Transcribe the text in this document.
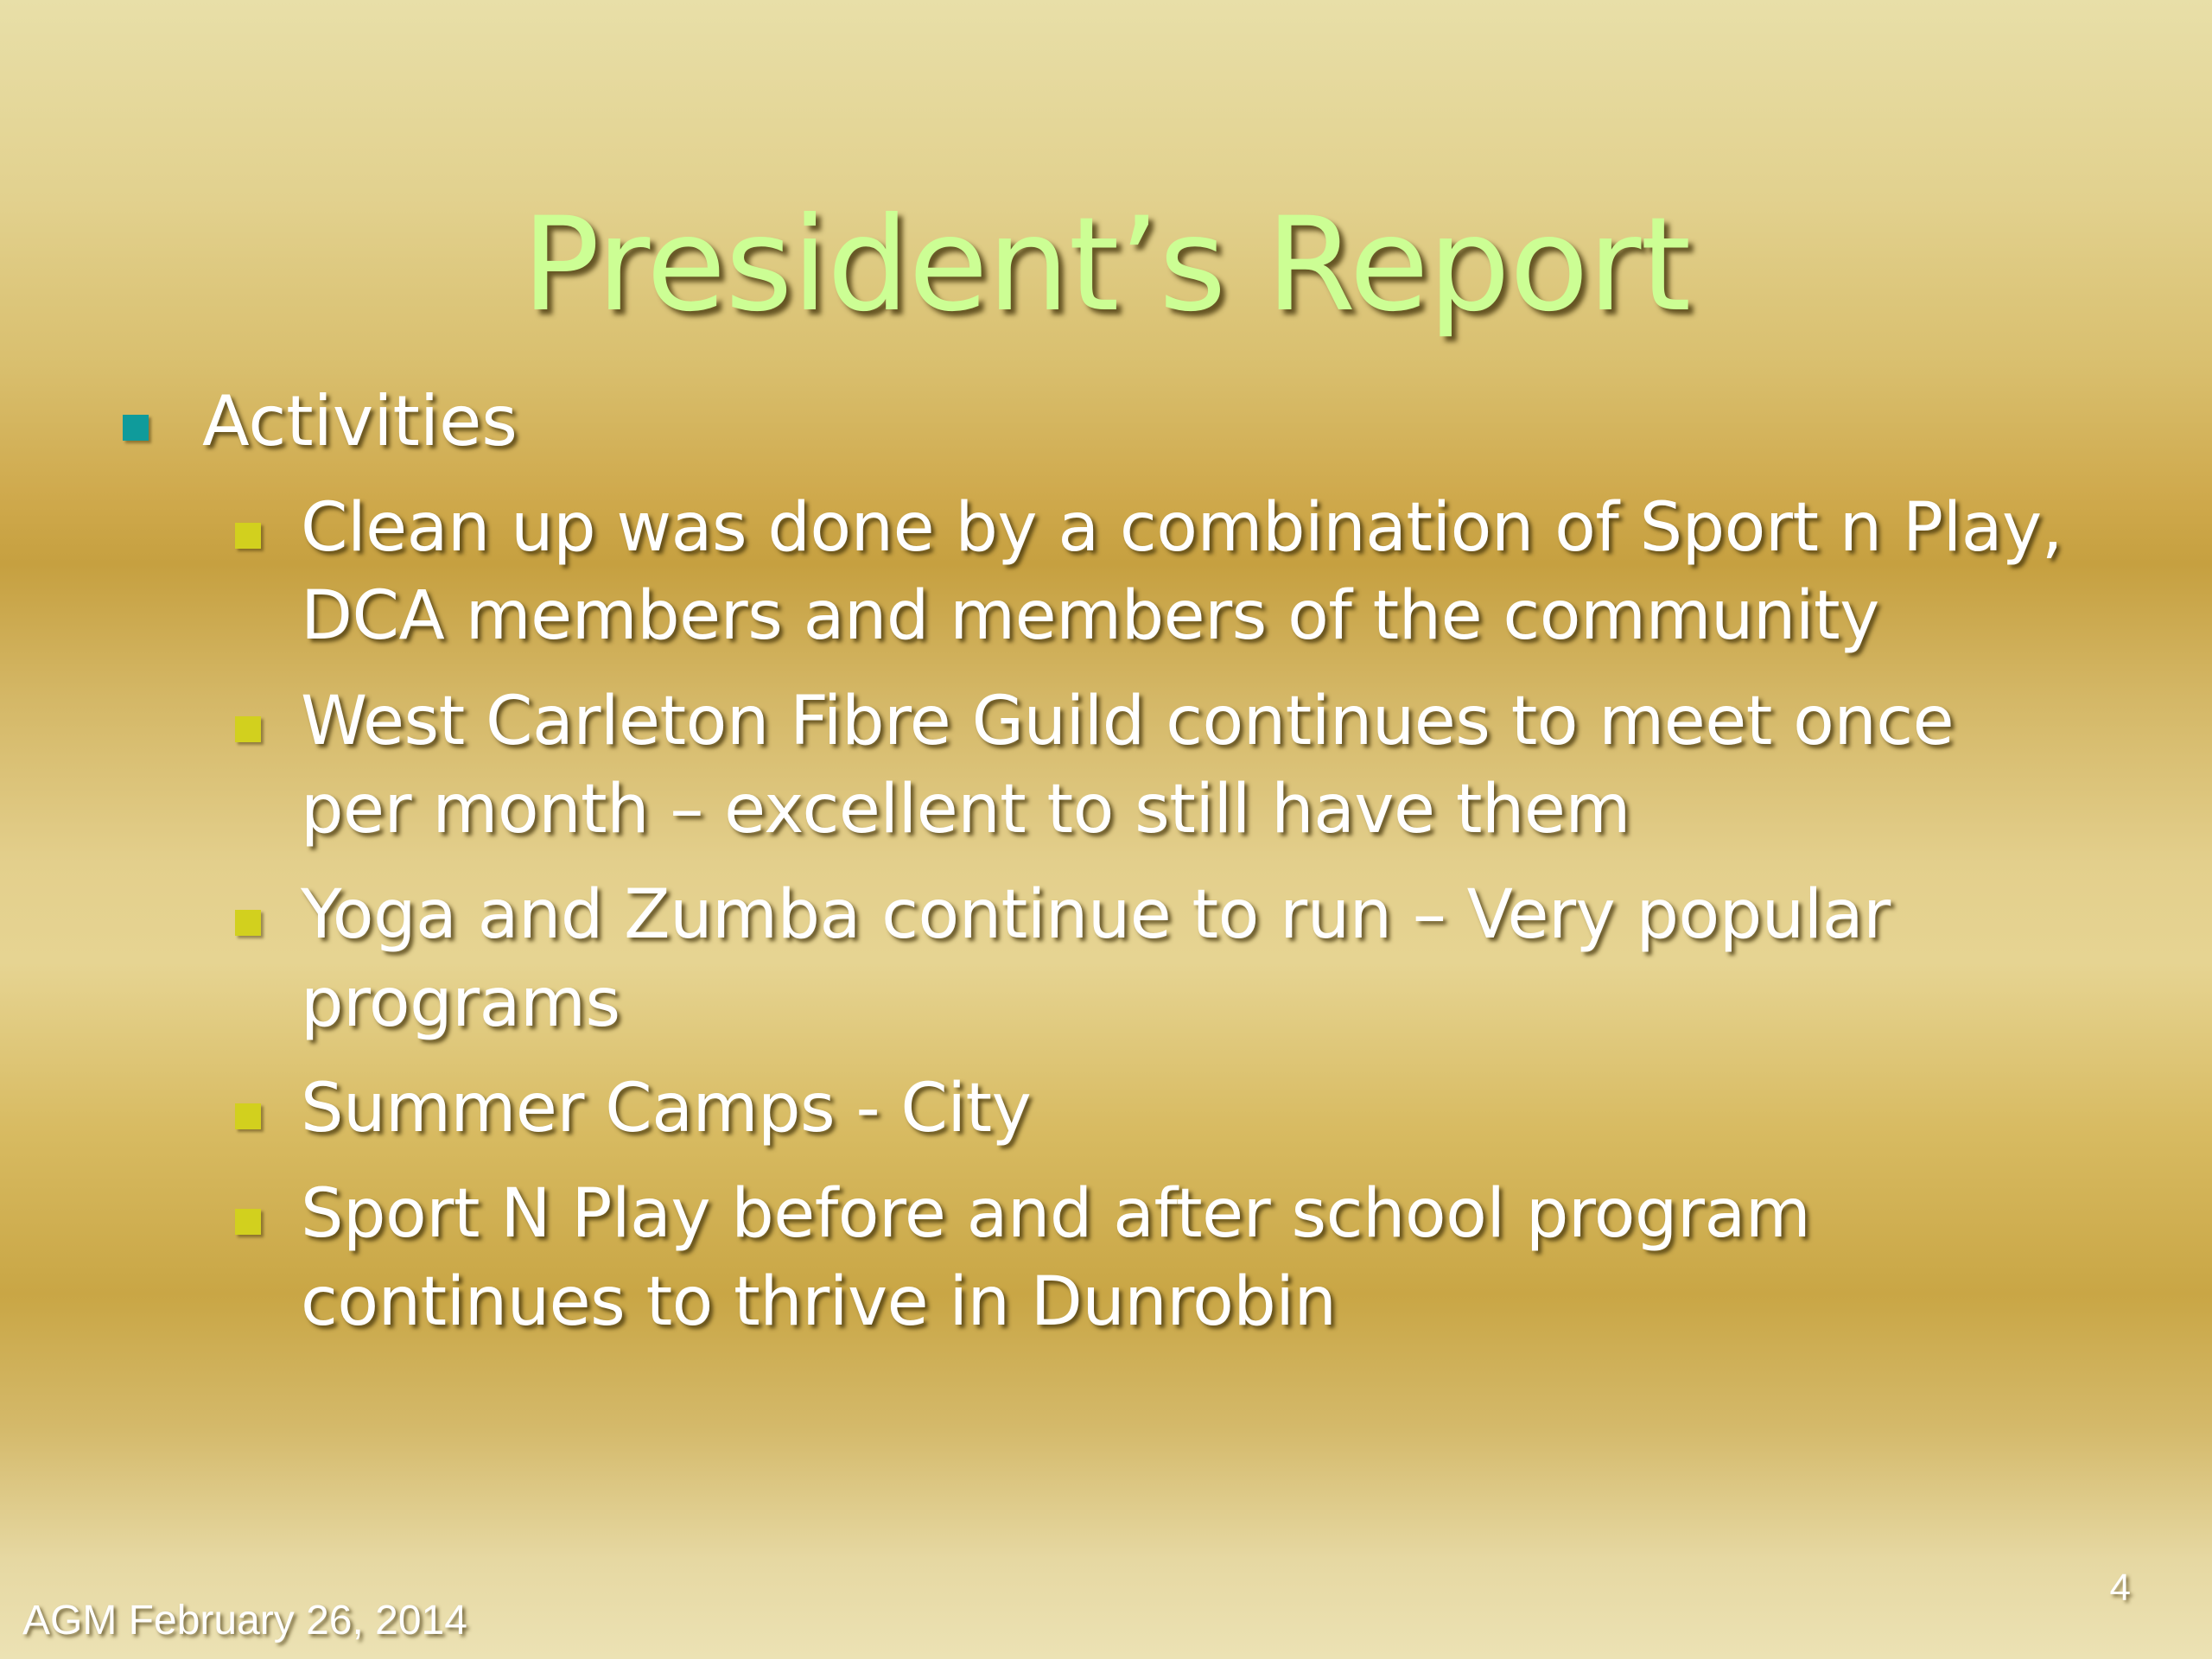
President’s Report
Activities
Clean up was done by a combination of Sport n Play, DCA members and members of the community
West Carleton Fibre Guild continues to meet once per month – excellent to still have them
Yoga and Zumba continue to run – Very popular programs
Summer Camps - City
Sport N Play before and after school program continues to thrive in Dunrobin
AGM February 26, 2014
4
